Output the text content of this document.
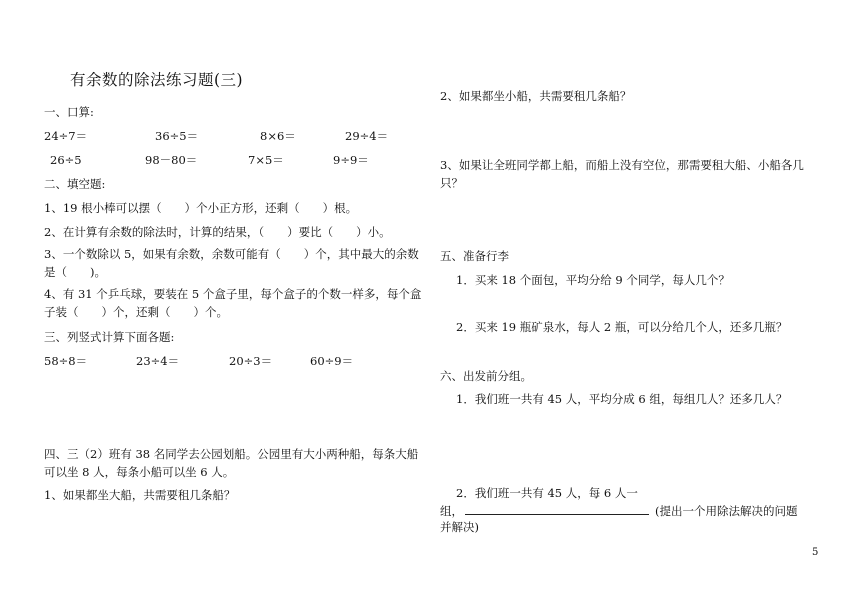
有余数的除法练习题(三)
一、口算:
24÷7＝	36÷5＝	8×6＝	29÷4＝
26÷5	98－80＝	7×5＝	9÷9＝
二、填空题:
1、19 根小棒可以摆（　　）个小正方形，还剩（　　）根。
2、在计算有余数的除法时，计算的结果，（　　）要比（　　）小。
3、一个数除以 5，如果有余数，余数可能有（　　）个，其中最大的余数是（　　)。
4、有 31 个乒乓球，要装在 5 个盒子里，每个盒子的个数一样多，每个盒子装（　　）个，还剩（　　）个。
三、列竖式计算下面各题:
58÷8＝	23÷4＝	20÷3＝	60÷9＝
四、三（2）班有 38 名同学去公园划船。公园里有大小两种船，每条大船可以坐 8 人，每条小船可以坐 6 人。
1、如果都坐大船，共需要租几条船？
2、如果都坐小船，共需要租几条船？
3、如果让全班同学都上船，而船上没有空位，那需要租大船、小船各几只？
五、准备行李
1．买来 18 个面包，平均分给 9 个同学，每人几个？
2．买来 19 瓶矿泉水，每人 2 瓶，可以分给几个人，还多几瓶？
六、出发前分组。
1．我们班一共有 45 人，平均分成 6 组，每组几人？还多几人？
2．我们班一共有 45 人，每 6 人一
组，	(提出一个用除法解决的问题
并解决)
5
